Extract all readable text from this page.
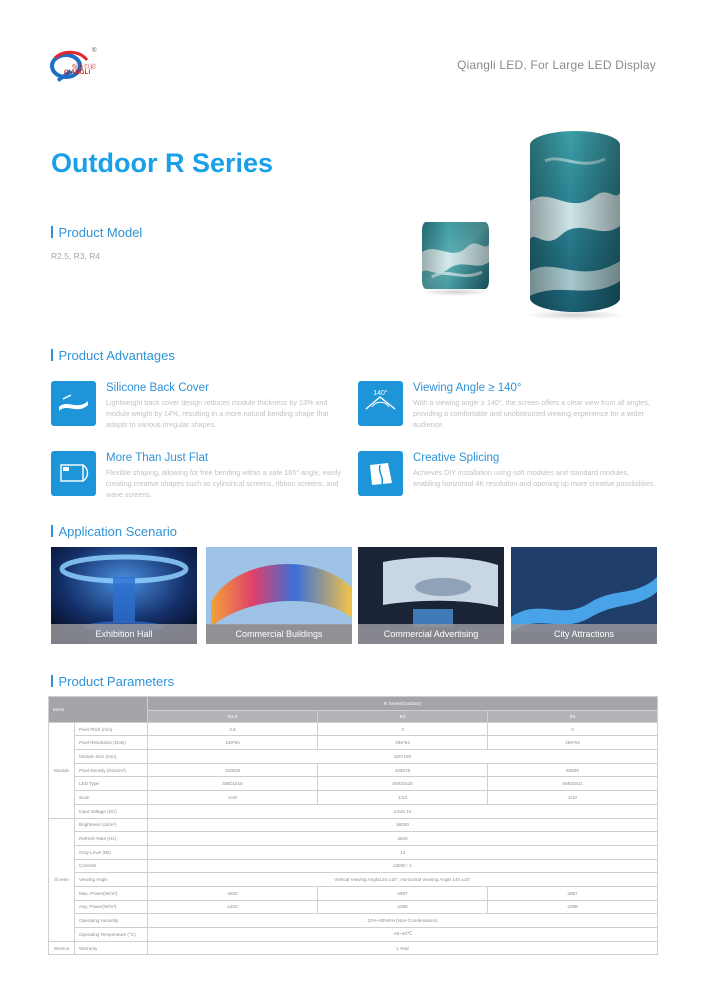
强力巨彩
QIANGLI
®
Qiangli LED, For Large LED Display
Outdoor R Series
Product Model
R2.5, R3, R4
Product Advantages
Silicone Back Cover
Lightweight back cover design reduces module thickness by 13% and module weight by 14%, resulting in a more natural bending shape that adapts to various irregular shapes.
140° Viewing Angle ≥ 140°
With a viewing angle ≥ 140°, the screen offers a clear view from all angles, providing a comfortable and unobstructed viewing experience for a wider audience.
More Than Just Flat
Flexible shaping, allowing for free bending within a safe 165° angle, easily creating creative shapes such as cylindrical screens, ribbon screens, and wave screens.
Creative Splicing
Achieves DIY installation using soft modules and standard modules, enabling horizontal 4K resolution and opening up more creative possibilities.
Application Scenario
Exhibition Hall	Commercial Buildings	Commercial Advertising	City Attractions
Product Parameters
Items		R Series(Outdoor)		
		R2.5	R3	R4
Module	Pixel Pitch (mm)	2.5	3	4
	Pixel Resolution (Dots)	128*64	256*64	256*64
	Module Size (mm)	320*160		
	Pixel Density (Dots/m²)	160000	108675	62500
	LED Type	SMD1515	SMD1515	SMD1921
	Scan	1/16	1/13	1/10
	Input Voltage (DC)	4.5±0.1V		
Screen	Brightness (cd/m²)	≥5000		
	Refresh Rate (Hz)	3840		
	Gray Level (Bit)	13		
	Contrast	≥3000 : 1		
	Viewing Angle	Vertical Viewing Angle120 ±10°, Horizontal Viewing Angle 140 ±10°		
	Max. Power(W/m²)	≤933	≤897	≤897
	Avg. Power(W/m²)	≤310	≤299	≤299
	Operating Humidity	10%~90%RH (Non-Condensation)		
	Operating Temperature (°C)	-20~40℃		
Service	Warranty	1 Year		
